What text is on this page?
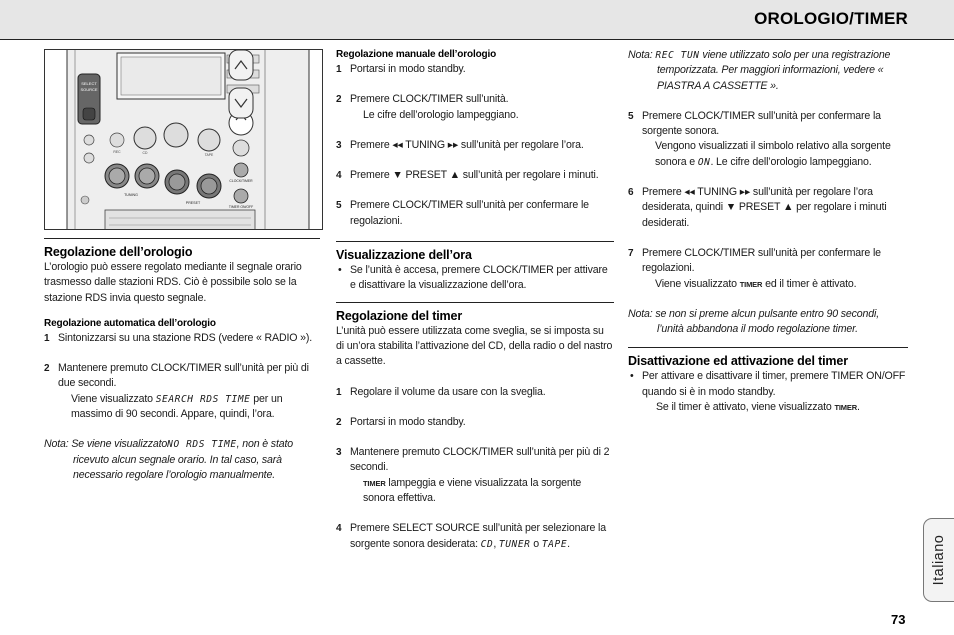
OROLOGIO/TIMER
SELECT
SOURCE
TUNING
PRESET
CLOCK/TIMER
TIMER ON/OFF
CD	TAPE
REC
Regolazione dell’orologio

L’orologio può essere regolato mediante il segnale orario trasmesso dalle stazioni RDS. Ciò è possibile solo se la stazione RDS invia questo segnale.

Regolazione automatica dell’orologio
1 Sintonizzarsi su una stazione RDS (vedere « RADIO »).
2 Mantenere premuto CLOCK/TIMER sull’unità per più di due secondi.
Viene visualizzato SEARCH RDS TIME per un massimo di 90 secondi. Appare, quindi, l’ora.
Nota: Se viene visualizzatoNO RDS TIME, non è stato ricevuto alcun segnale orario. In tal caso, sarà necessario regolare l’orologio manualmente.
Regolazione manuale dell’orologio
1 Portarsi in modo standby.
2 Premere CLOCK/TIMER sull’unità.
Le cifre dell’orologio lampeggiano.
3 Premere ◂◂ TUNING ▸▸ sull’unità per regolare l’ora.
4 Premere ▼ PRESET ▲ sull’unità per regolare i minuti.
5 Premere CLOCK/TIMER sull’unità per confermare le regolazioni.
Visualizzazione dell’ora
• Se l’unità è accesa, premere CLOCK/TIMER per attivare e disattivare la visualizzazione dell’ora.
Regolazione del timer

L’unità può essere utilizzata come sveglia, se si imposta su di un’ora stabilita l’attivazione del CD, della radio o del nastro a cassette.

1 Regolare il volume da usare con la sveglia.
2 Portarsi in modo standby.
3 Mantenere premuto CLOCK/TIMER sull’unità per più di 2 secondi.
TIMER lampeggia e viene visualizzata la sorgente sonora effettiva.
4 Premere SELECT SOURCE sull’unità per selezionare la sorgente sonora desiderata: CD, TUNER o TAPE.
Nota: REC TUN viene utilizzato solo per una registrazione temporizzata. Per maggiori informazioni, vedere « PIASTRA A CASSETTE ».
5 Premere CLOCK/TIMER sull’unità per confermare la sorgente sonora.
Vengono visualizzati il simbolo relativo alla sorgente sonora e ON. Le cifre dell’orologio lampeggiano.
6 Premere ◂◂ TUNING ▸▸ sull’unità per regolare l’ora desiderata, quindi ▼ PRESET ▲ per regolare i minuti desiderati.
7 Premere CLOCK/TIMER sull’unità per confermare le regolazioni.
Viene visualizzato TIMER ed il timer è attivato.
Nota: se non si preme alcun pulsante entro 90 secondi, l’unità abbandona il modo regolazione timer.
Disattivazione ed attivazione del timer
• Per attivare e disattivare il timer, premere TIMER ON/OFF quando si è in modo standby.
Se il timer è attivato, viene visualizzato TIMER.
Italiano
73
